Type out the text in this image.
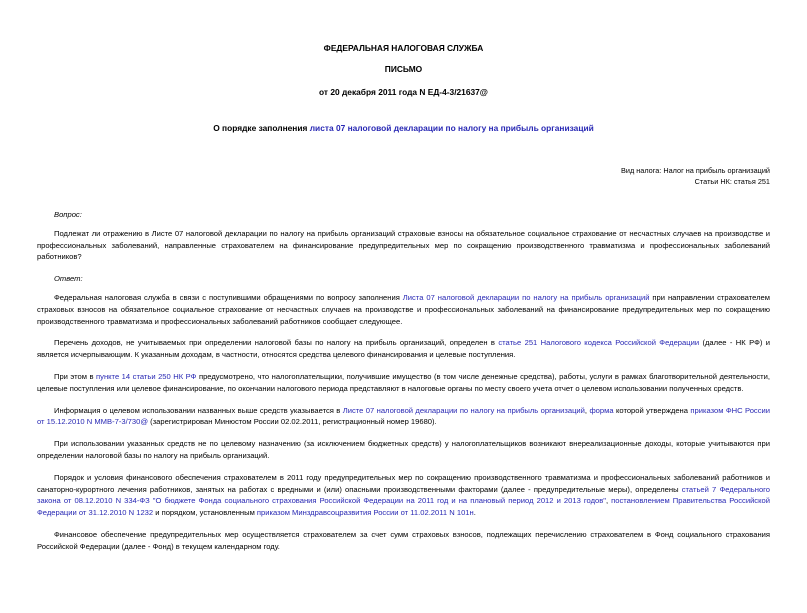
ФЕДЕРАЛЬНАЯ НАЛОГОВАЯ СЛУЖБА
ПИСЬМО
от 20 декабря 2011 года N ЕД-4-3/21637@
О порядке заполнения листа 07 налоговой декларации по налогу на прибыль организаций
Вид налога: Налог на прибыль организаций
Статьи НК: статья 251
Вопрос:

Подлежат ли отражению в Листе 07 налоговой декларации по налогу на прибыль организаций страховые взносы на обязательное социальное страхование от несчастных случаев на производстве и профессиональных заболеваний, направленные страхователем на финансирование предупредительных мер по сокращению производственного травматизма и профессиональных заболеваний работников?

Ответ:

Федеральная налоговая служба в связи с поступившими обращениями по вопросу заполнения Листа 07 налоговой декларации по налогу на прибыль организаций при направлении страхователем страховых взносов на обязательное социальное страхование от несчастных случаев на производстве и профессиональных заболеваний на финансирование предупредительных мер по сокращению производственного травматизма и профессиональных заболеваний работников сообщает следующее.

Перечень доходов, не учитываемых при определении налоговой базы по налогу на прибыль организаций, определен в статье 251 Налогового кодекса Российской Федерации (далее - НК РФ) и является исчерпывающим. К указанным доходам, в частности, относятся средства целевого финансирования и целевые поступления.

При этом в пункте 14 статьи 250 НК РФ предусмотрено, что налогоплательщики, получившие имущество (в том числе денежные средства), работы, услуги в рамках благотворительной деятельности, целевые поступления или целевое финансирование, по окончании налогового периода представляют в налоговые органы по месту своего учета отчет о целевом использовании полученных средств.

Информация о целевом использовании названных выше средств указывается в Листе 07 налоговой декларации по налогу на прибыль организаций, форма которой утверждена приказом ФНС России от 15.12.2010 N ММВ-7-3/730@ (зарегистрирован Минюстом России 02.02.2011, регистрационный номер 19680).

При использовании указанных средств не по целевому назначению (за исключением бюджетных средств) у налогоплательщиков возникают внереализационные доходы, которые учитываются при определении налоговой базы по налогу на прибыль организаций.

Порядок и условия финансового обеспечения страхователем в 2011 году предупредительных мер по сокращению производственного травматизма и профессиональных заболеваний работников и санаторно-курортного лечения работников, занятых на работах с вредными и (или) опасными производственными факторами (далее - предупредительные меры), определены статьей 7 Федерального закона от 08.12.2010 N 334-ФЗ "О бюджете Фонда социального страхования Российской Федерации на 2011 год и на плановый период 2012 и 2013 годов", постановлением Правительства Российской Федерации от 31.12.2010 N 1232 и порядком, установленным приказом Минздравсоцразвития России от 11.02.2011 N 101н.

Финансовое обеспечение предупредительных мер осуществляется страхователем за счет сумм страховых взносов, подлежащих перечислению страхователем в Фонд социального страхования Российской Федерации (далее - Фонд) в текущем календарном году.
